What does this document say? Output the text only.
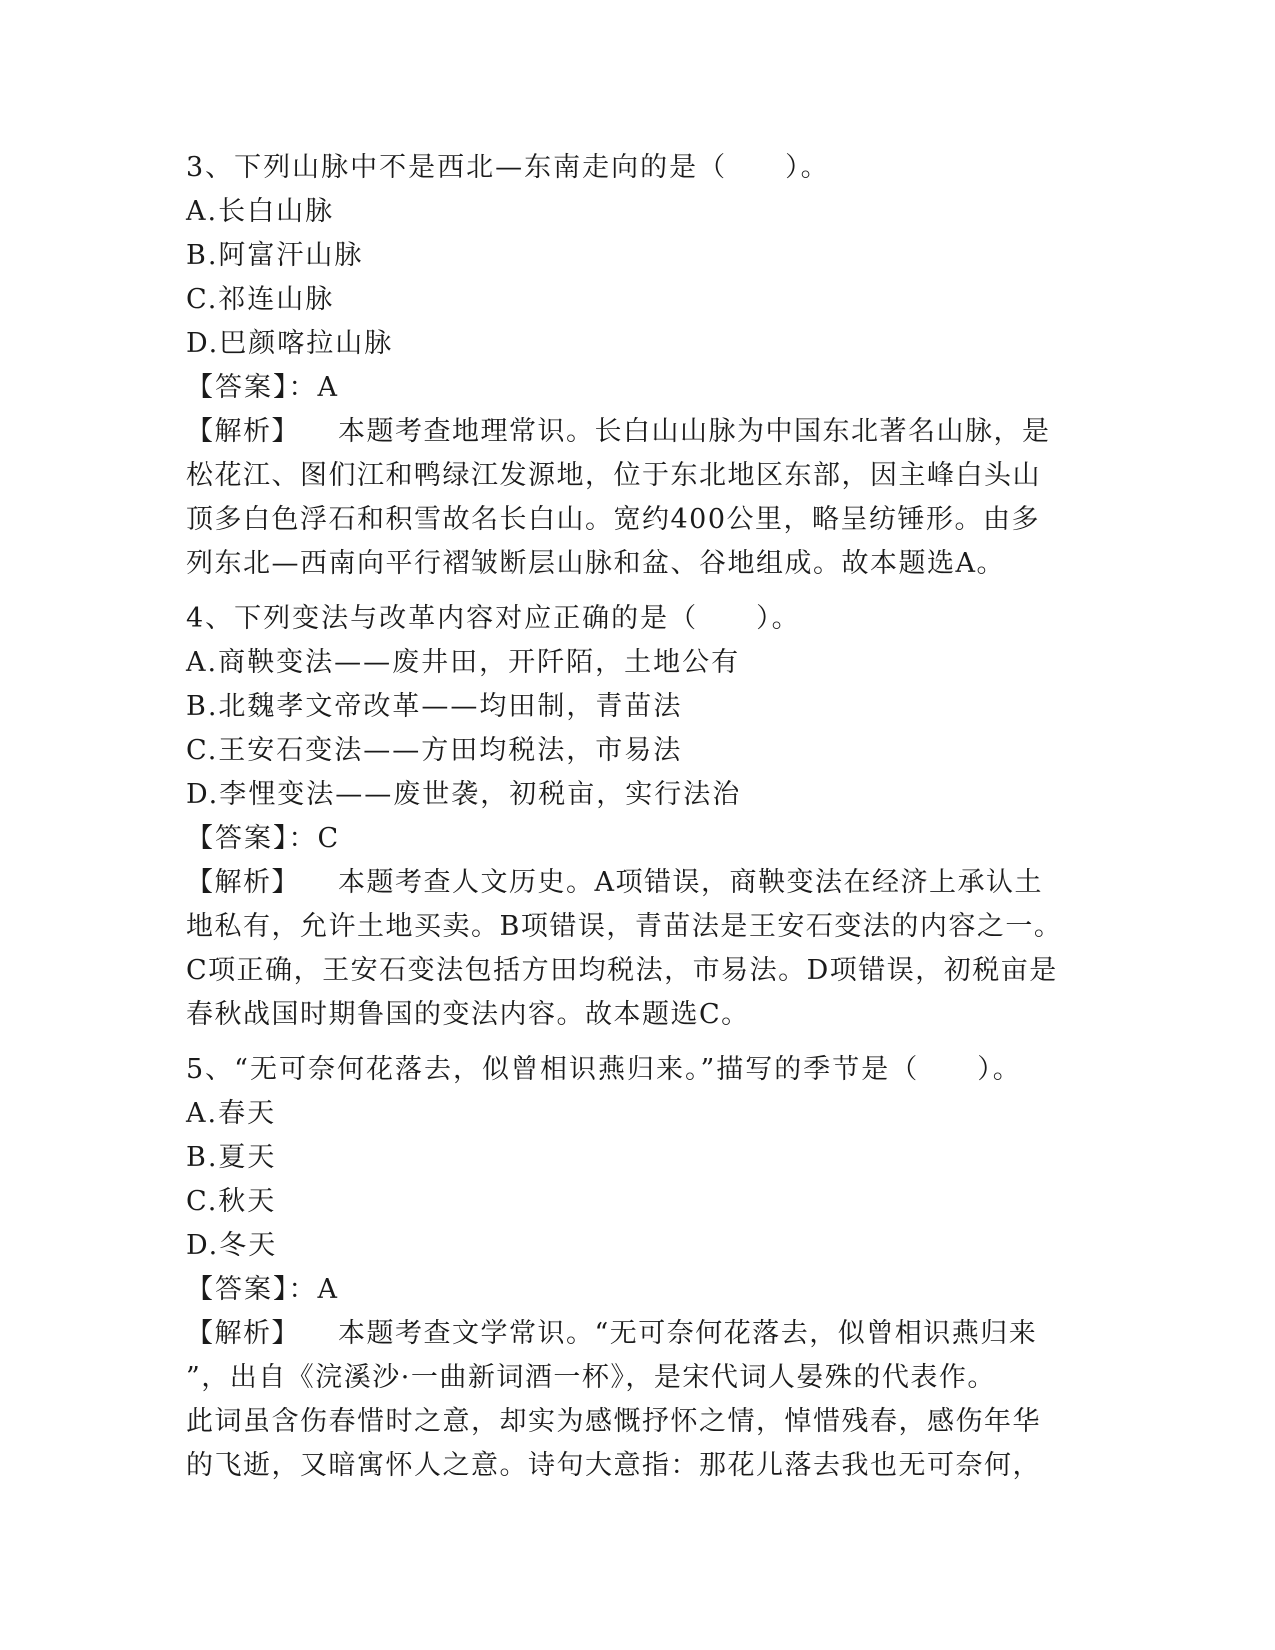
3、下列山脉中不是西北—东南走向的是（　　）。
A.长白山脉
B.阿富汗山脉
C.祁连山脉
D.巴颜喀拉山脉
【答案】：A
【解析】 本题考查地理常识。长白山山脉为中国东北著名山脉，是
松花江、图们江和鸭绿江发源地，位于东北地区东部，因主峰白头山
顶多白色浮石和积雪故名长白山。宽约400公里，略呈纺锤形。由多
列东北—西南向平行褶皱断层山脉和盆、谷地组成。故本题选A。
4、下列变法与改革内容对应正确的是（　　）。
A.商鞅变法——废井田，开阡陌，土地公有
B.北魏孝文帝改革——均田制，青苗法
C.王安石变法——方田均税法，市易法
D.李悝变法——废世袭，初税亩，实行法治
【答案】：C
【解析】 本题考查人文历史。A项错误，商鞅变法在经济上承认土
地私有，允许土地买卖。B项错误，青苗法是王安石变法的内容之一。
C项正确，王安石变法包括方田均税法，市易法。D项错误，初税亩是
春秋战国时期鲁国的变法内容。故本题选C。
5、“无可奈何花落去，似曾相识燕归来。”描写的季节是（　　）。
A.春天
B.夏天
C.秋天
D.冬天
【答案】：A
【解析】 本题考查文学常识。“无可奈何花落去，似曾相识燕归来
”，出自《浣溪沙·一曲新词酒一杯》，是宋代词人晏殊的代表作。
此词虽含伤春惜时之意，却实为感慨抒怀之情，悼惜残春，感伤年华
的飞逝，又暗寓怀人之意。诗句大意指：那花儿落去我也无可奈何，
